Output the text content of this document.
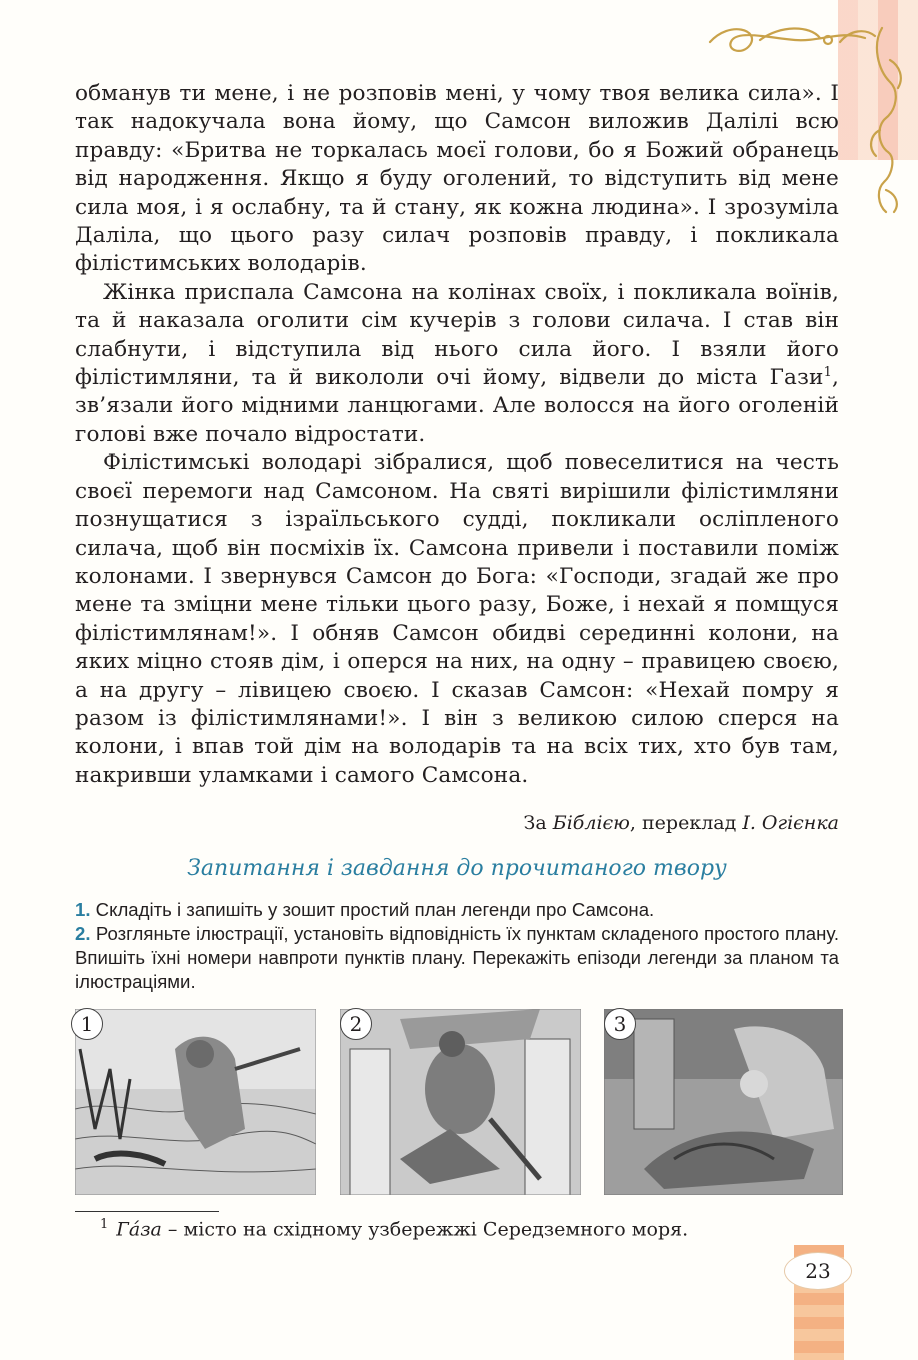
обманув ти мене, і не розповів мені, у чому твоя велика сила». І так надокучала вона йому, що Самсон виложив Далілі всю правду: «Бритва не торкалась моєї голови, бо я Божий обранець від народження. Якщо я буду оголений, то відступить від мене сила моя, і я ослабну, та й стану, як кожна людина». І зрозуміла Даліла, що цього разу силач розповів правду, і покликала філістимських володарів.

Жінка приспала Самсона на колінах своїх, і покликала воїнів, та й наказала оголити сім кучерів з голови силача. І став він слабнути, і відступила від нього сила його. І взяли його філістимляни, та й викололи очі йому, відвели до міста Гази$^1$, зв’язали його мідними ланцюгами. Але волосся на його оголеній голові вже почало відростати.

Філістимські володарі зібралися, щоб повеселитися на честь своєї перемоги над Самсоном. На святі вирішили філістимляни познущатися з ізраїльського судді, покликали осліпленого силача, щоб він посміхів їх. Самсона привели і поставили поміж колонами. І звернувся Самсон до Бога: «Господи, згадай же про мене та зміцни мене тільки цього разу, Боже, і нехай я помщуся філістимлянам!». І обняв Самсон обидві серединні колони, на яких міцно стояв дім, і оперся на них, на одну – правицею своєю, а на другу – лівицею своєю. І сказав Самсон: «Нехай помру я разом із філістимлянами!». І він з великою силою сперся на колони, і впав той дім на володарів та на всіх тих, хто був там, накривши уламками і самого Самсона.

За Біблією, переклад І. Огієнка
Запитання і завдання до прочитаного твору

1. Складіть і запишіть у зошит простий план легенди про Самсона.

2. Розгляньте ілюстрації, установіть відповідність їх пунктам складеного простого плану. Впишіть їхні номери навпроти пунктів плану. Перекажіть епізоди легенди за планом та ілюстраціями.

1	2	3
$^1$ Га́за – місто на східному узбережжі Середземного моря.
23
